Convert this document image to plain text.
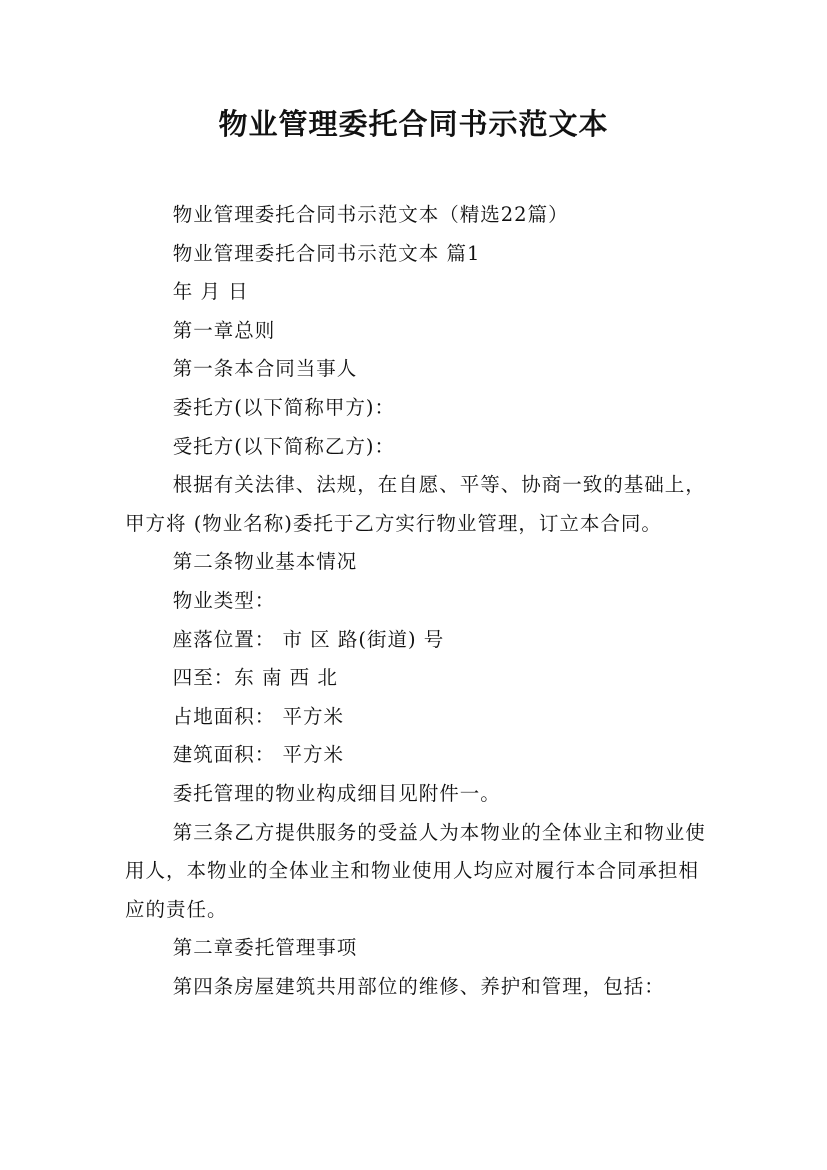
物业管理委托合同书示范文本

物业管理委托合同书示范文本（精选22篇）

物业管理委托合同书示范文本 篇1

年 月 日

第一章总则

第一条本合同当事人

委托方(以下简称甲方)：

受托方(以下简称乙方)：

根据有关法律、法规，在自愿、平等、协商一致的基础上，甲方将 (物业名称)委托于乙方实行物业管理，订立本合同。

第二条物业基本情况

物业类型：

座落位置： 市 区 路(街道) 号

四至：东 南 西 北

占地面积： 平方米

建筑面积： 平方米

委托管理的物业构成细目见附件一。

第三条乙方提供服务的受益人为本物业的全体业主和物业使用人，本物业的全体业主和物业使用人均应对履行本合同承担相应的责任。

第二章委托管理事项

第四条房屋建筑共用部位的维修、养护和管理，包括：
